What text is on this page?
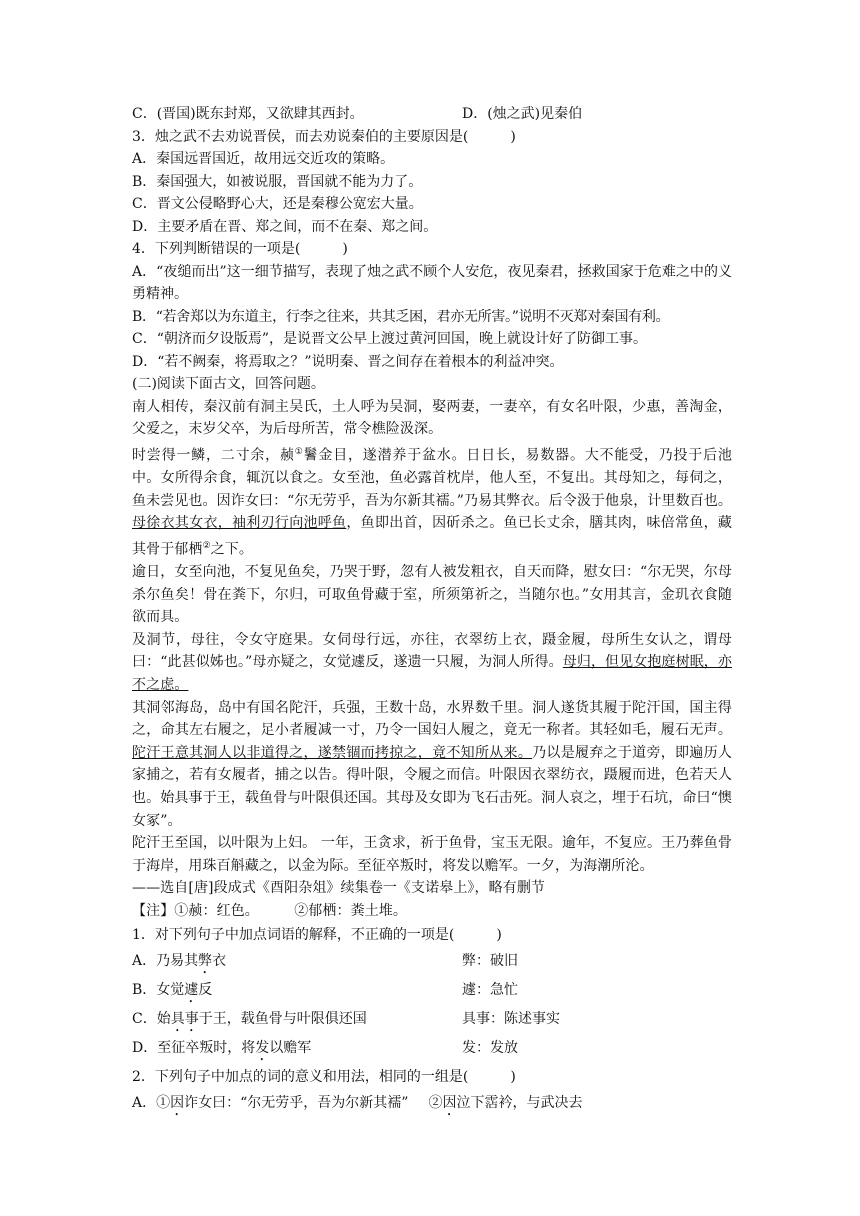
C．(晋国)既东封郑，又欲肆其西封。	D．(烛之武)见秦伯
3．烛之武不去劝说晋侯，而去劝说秦伯的主要原因是(　　　)
A．秦国远晋国近，故用远交近攻的策略。
B．秦国强大，如被说服，晋国就不能为力了。
C．晋文公侵略野心大，还是秦穆公宽宏大量。
D．主要矛盾在晋、郑之间，而不在秦、郑之间。
4．下列判断错误的一项是(　　　)
A．“夜缒而出”这一细节描写，表现了烛之武不顾个人安危，夜见秦君，拯救国家于危难之中的义勇精神。
B．“若舍郑以为东道主，行李之往来，共其乏困，君亦无所害。”说明不灭郑对秦国有利。
C．“朝济而夕设版焉”，是说晋文公早上渡过黄河回国，晚上就设计好了防御工事。
D．“若不阙秦，将焉取之？”说明秦、晋之间存在着根本的利益冲突。
(二)阅读下面古文，回答问题。
南人相传，秦汉前有洞主吴氏，土人呼为吴洞，娶两妻，一妻卒，有女名叶限，少惠，善淘金，父爱之，末岁父卒，为后母所苦，常令樵险汲深。
时尝得一鳞，二寸余，赪①鬐金目，遂潜养于盆水。日日长，易数器。大不能受，乃投于后池中。女所得余食，辄沉以食之。女至池，鱼必露首枕岸，他人至，不复出。其母知之，每伺之，鱼未尝见也。因诈女曰：“尔无劳乎，吾为尔新其襦。”乃易其弊衣。后令汲于他泉，计里数百也。母徐衣其女衣，袖利刃行向池呼鱼，鱼即出首，因斫杀之。鱼已长丈余，膳其肉，味倍常鱼，藏其骨于郁栖②之下。
逾日，女至向池，不复见鱼矣，乃哭于野，忽有人被发粗衣，自天而降，慰女曰：“尔无哭，尔母杀尔鱼矣！骨在粪下，尔归，可取鱼骨藏于室，所须第祈之，当随尔也。”女用其言，金玑衣食随欲而具。
及洞节，母往，令女守庭果。女伺母行远，亦往，衣翠纺上衣，蹑金履，母所生女认之，谓母曰：“此甚似姊也。”母亦疑之，女觉遽反，遂遗一只履，为洞人所得。母归，但见女抱庭树眠，亦不之虑。
其洞邻海岛，岛中有国名陀汗，兵强，王数十岛，水界数千里。洞人遂货其履于陀汗国，国主得之，命其左右履之，足小者履减一寸，乃令一国妇人履之，竟无一称者。其轻如毛，履石无声。陀汗王意其洞人以非道得之，遂禁锢而拷掠之，竟不知所从来。乃以是履弃之于道旁，即遍历人家捕之，若有女履者，捕之以告。得叶限，令履之而信。叶限因衣翠纺衣，蹑履而进，色若天人也。始具事于王，载鱼骨与叶限俱还国。其母及女即为飞石击死。洞人哀之，埋于石坑，命曰“懊女冢”。
陀汗王至国，以叶限为上妇。 一年，王贪求，祈于鱼骨，宝玉无限。逾年，不复应。王乃葬鱼骨于海岸，用珠百斛藏之，以金为际。至征卒叛时，将发以赡军。一夕，为海潮所沦。
——选自[唐]段成式《酉阳杂俎》续集卷一《支诺皋上》，略有删节
【注】①赪：红色。　　　②郁栖：粪土堆。
1．对下列句子中加点词语的解释，不正确的一项是(　　　)
A．乃易其弊衣	弊：破旧
B．女觉遽反	遽：急忙
C．始具事于王，载鱼骨与叶限俱还国	具事：陈述事实
D．至征卒叛时，将发以赡军	发：发放
2．下列句子中加点的词的意义和用法，相同的一组是(　　　)
A．①因诈女曰：“尔无劳乎，吾为尔新其襦” ②因泣下霑衿，与武决去
